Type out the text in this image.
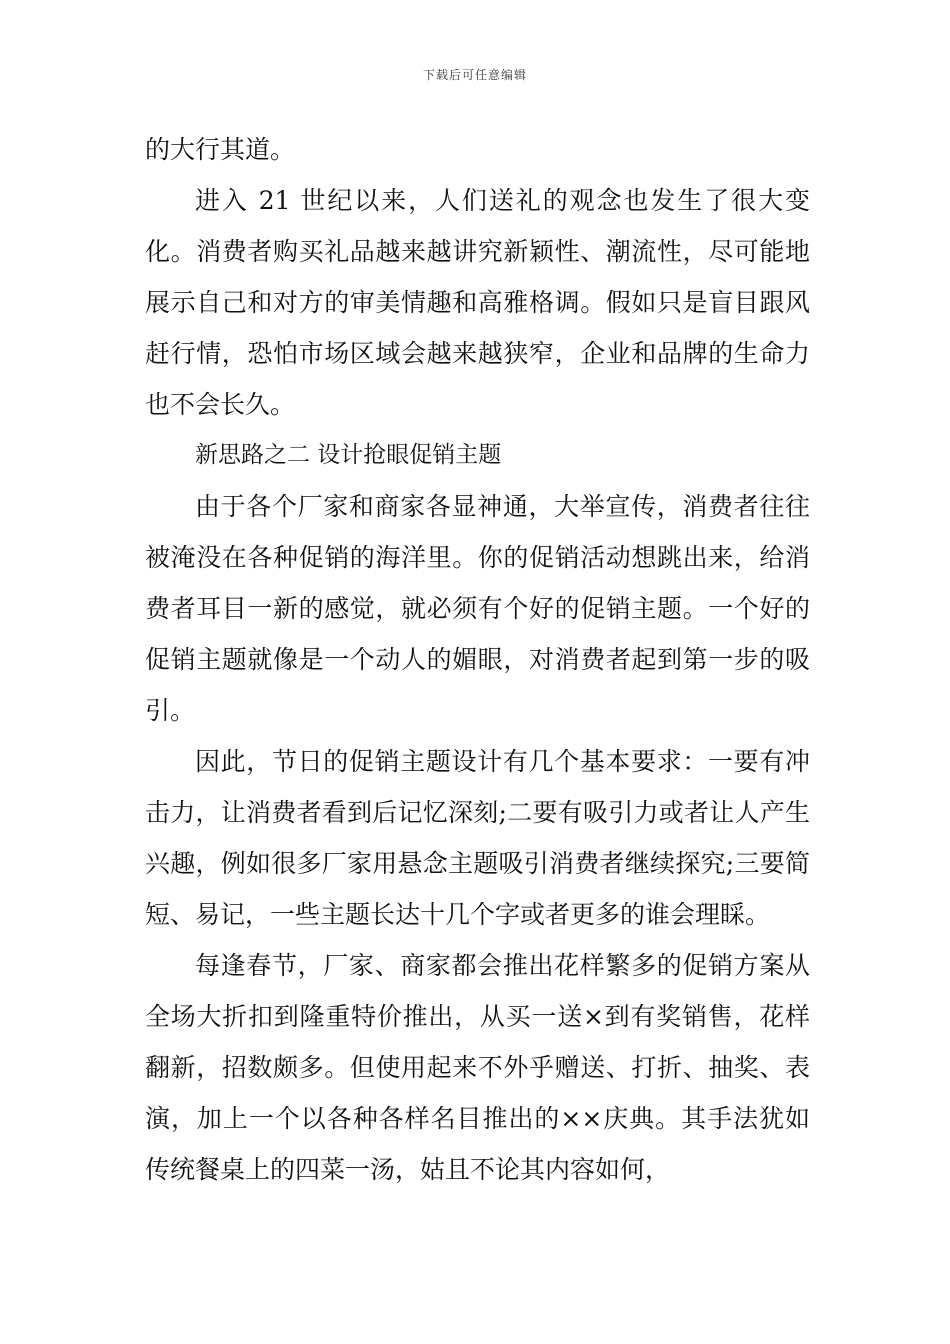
下载后可任意编辑

的大行其道。

进入 21 世纪以来，人们送礼的观念也发生了很大变化。消费者购买礼品越来越讲究新颖性、潮流性，尽可能地展示自己和对方的审美情趣和高雅格调。假如只是盲目跟风赶行情，恐怕市场区域会越来越狭窄，企业和品牌的生命力也不会长久。

新思路之二 设计抢眼促销主题

由于各个厂家和商家各显神通，大举宣传，消费者往往被淹没在各种促销的海洋里。你的促销活动想跳出来，给消费者耳目一新的感觉，就必须有个好的促销主题。一个好的促销主题就像是一个动人的媚眼，对消费者起到第一步的吸引。

因此，节日的促销主题设计有几个基本要求：一要有冲击力，让消费者看到后记忆深刻;二要有吸引力或者让人产生兴趣，例如很多厂家用悬念主题吸引消费者继续探究;三要简短、易记，一些主题长达十几个字或者更多的谁会理睬。

每逢春节，厂家、商家都会推出花样繁多的促销方案从全场大折扣到隆重特价推出，从买一送×到有奖销售，花样翻新，招数颇多。但使用起来不外乎赠送、打折、抽奖、表演，加上一个以各种各样名目推出的××庆典。其手法犹如传统餐桌上的四菜一汤，姑且不论其内容如何，
